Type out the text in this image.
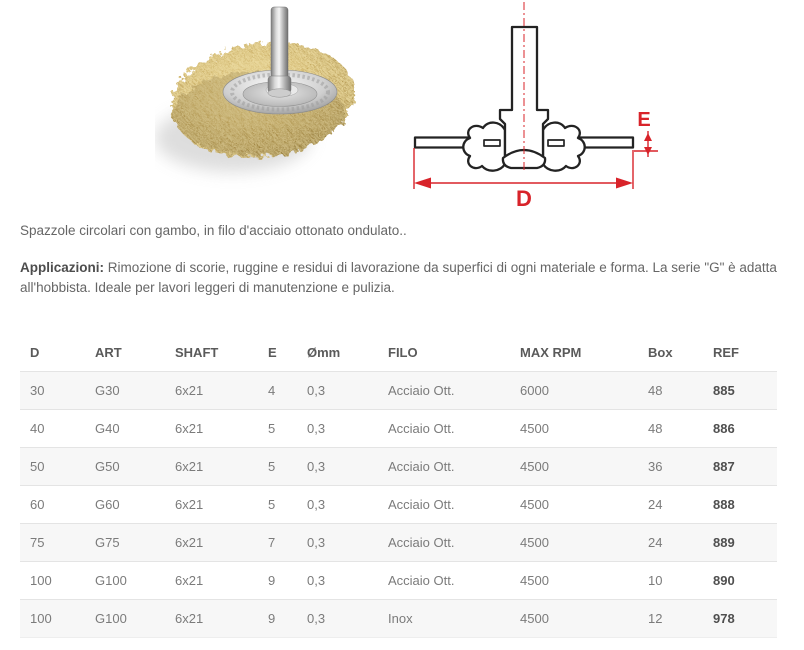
D
E

Spazzole circolari con gambo, in filo d'acciaio ottonato ondulato..

Applicazioni: Rimozione di scorie, ruggine e residui di lavorazione da superfici di ogni materiale e forma. La serie "G" è adatta all'hobbista. Ideale per lavori leggeri di manutenzione e pulizia.

D	ART	SHAFT	E	Ømm	FILO	MAX RPM	Box	REF
30	G30	6x21	4	0,3	Acciaio Ott.	6000	48	885
40	G40	6x21	5	0,3	Acciaio Ott.	4500	48	886
50	G50	6x21	5	0,3	Acciaio Ott.	4500	36	887
60	G60	6x21	5	0,3	Acciaio Ott.	4500	24	888
75	G75	6x21	7	0,3	Acciaio Ott.	4500	24	889
100	G100	6x21	9	0,3	Acciaio Ott.	4500	10	890
100	G100	6x21	9	0,3	Inox	4500	12	978
